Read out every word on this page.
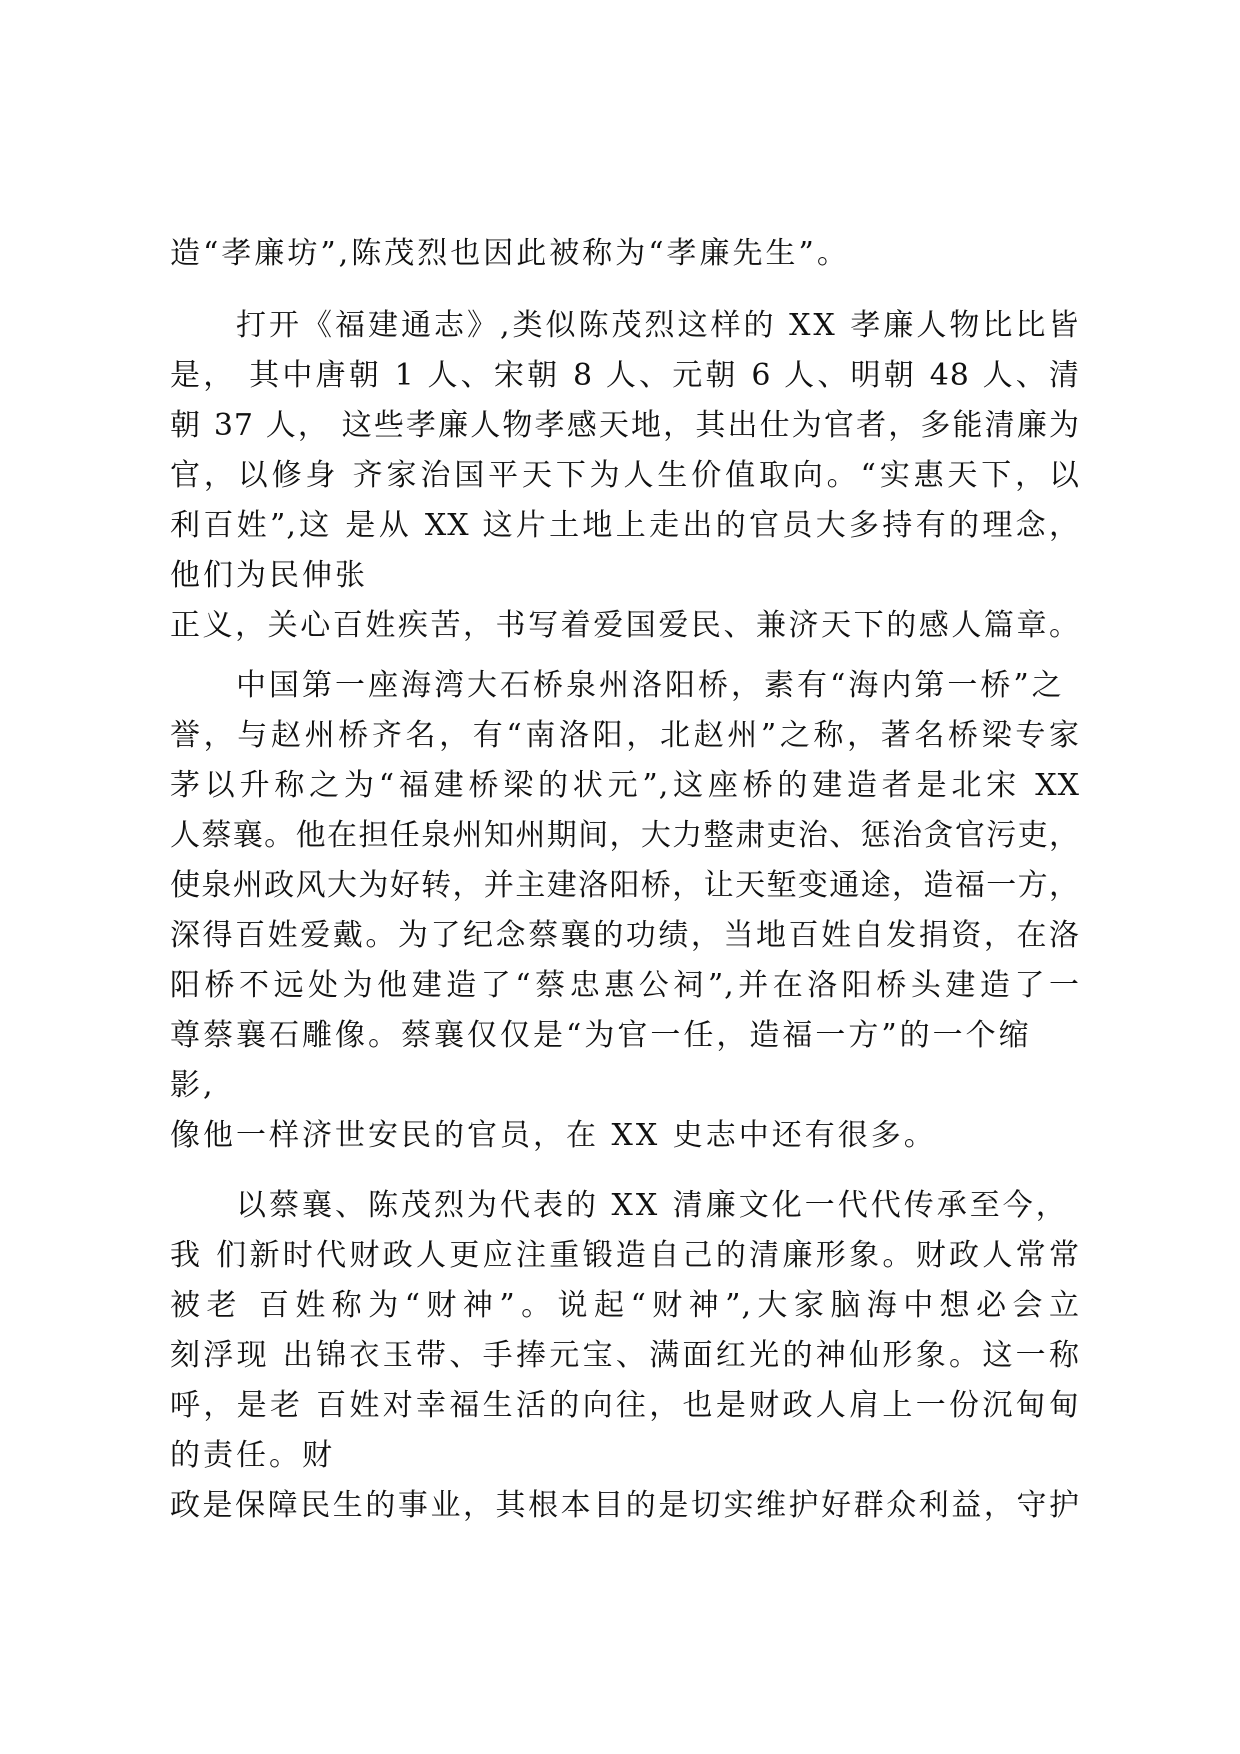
造“孝廉坊”,陈茂烈也因此被称为“孝廉先生”。
打开《福建通志》,类似陈茂烈这样的 XX 孝廉人物比比皆
是， 其中唐朝 1 人、宋朝 8 人、元朝 6 人、明朝 48 人、清
朝 37 人， 这些孝廉人物孝感天地，其出仕为官者，多能清廉为
官，以修身 齐家治国平天下为人生价值取向。“实惠天下，以
利百姓”,这 是从 XX 这片土地上走出的官员大多持有的理念，
他们为民伸张
正义，关心百姓疾苦，书写着爱国爱民、兼济天下的感人篇章。
中国第一座海湾大石桥泉州洛阳桥，素有“海内第一桥”之
誉，与赵州桥齐名，有“南洛阳，北赵州”之称，著名桥梁专家
茅以升称之为“福建桥梁的状元”,这座桥的建造者是北宋 XX
人蔡襄。他在担任泉州知州期间，大力整肃吏治、惩治贪官污吏，
使泉州政风大为好转，并主建洛阳桥，让天堑变通途，造福一方，
深得百姓爱戴。为了纪念蔡襄的功绩，当地百姓自发捐资，在洛
阳桥不远处为他建造了“蔡忠惠公祠”,并在洛阳桥头建造了一
尊蔡襄石雕像。蔡襄仅仅是“为官一任，造福一方”的一个缩
影,
像他一样济世安民的官员，在 XX 史志中还有很多。
以蔡襄、陈茂烈为代表的 XX 清廉文化一代代传承至今，
我 们新时代财政人更应注重锻造自己的清廉形象。财政人常常
被老 百姓称为“财神”。说起“财神”,大家脑海中想必会立
刻浮现 出锦衣玉带、手捧元宝、满面红光的神仙形象。这一称
呼，是老 百姓对幸福生活的向往，也是财政人肩上一份沉甸甸
的责任。财
政是保障民生的事业，其根本目的是切实维护好群众利益，守护
